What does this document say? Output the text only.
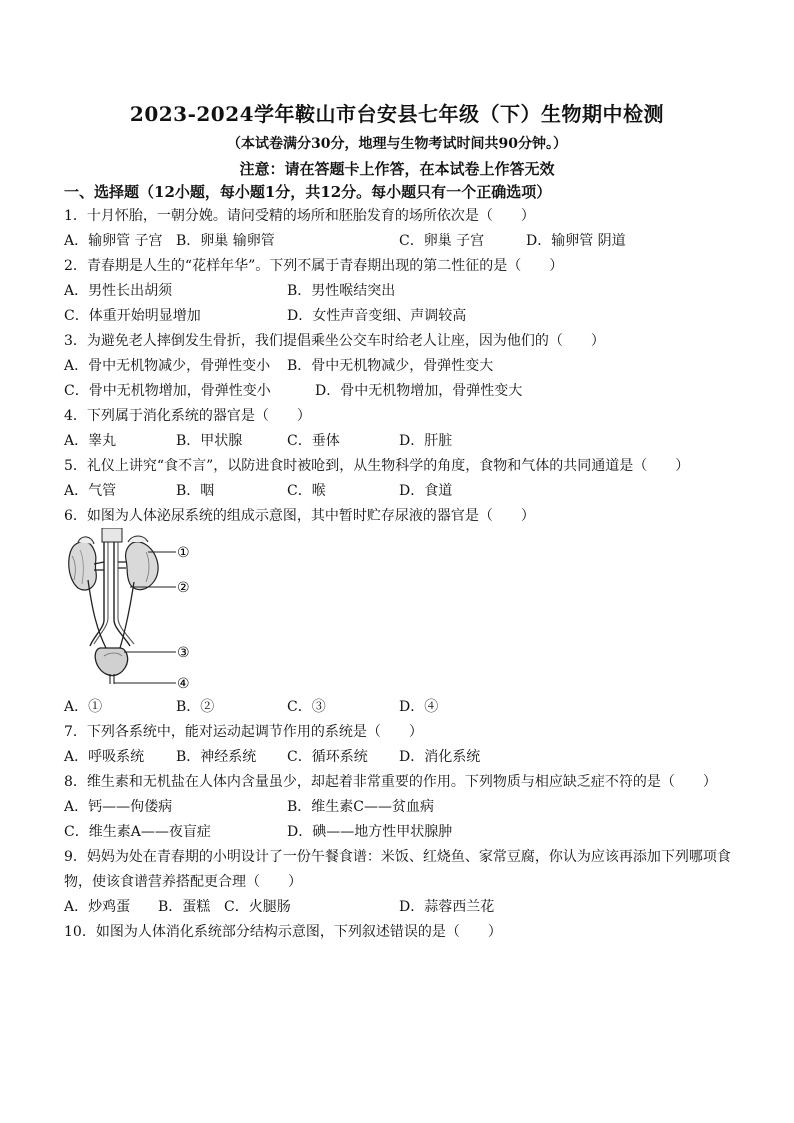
2023-2024学年鞍山市台安县七年级（下）生物期中检测
（本试卷满分30分，地理与生物考试时间共90分钟。）
注意：请在答题卡上作答，在本试卷上作答无效
一、选择题（12小题，每小题1分，共12分。每小题只有一个正确选项）
1．十月怀胎，一朝分娩。请问受精的场所和胚胎发育的场所依次是（　　）
A．输卵管 子宫 B．卵巢 输卵管	C．卵巢 子宫	D．输卵管 阴道
2．青春期是人生的“花样年华”。下列不属于青春期出现的第二性征的是（　　）
A．男性长出胡须	B．男性喉结突出
C．体重开始明显增加	D．女性声音变细、声调较高
3．为避免老人摔倒发生骨折，我们提倡乘坐公交车时给老人让座，因为他们的（　　）
A．骨中无机物减少，骨弹性变小 B．骨中无机物减少，骨弹性变大
C．骨中无机物增加，骨弹性变小	D．骨中无机物增加，骨弹性变大
4．下列属于消化系统的器官是（　　）
A．睾丸	B．甲状腺	C．垂体	D．肝脏
5．礼仪上讲究“食不言”，以防进食时被呛到，从生物科学的角度，食物和气体的共同通道是（　　）
A．气管	B．咽	C．喉	D．食道
6．如图为人体泌尿系统的组成示意图，其中暂时贮存尿液的器官是（　　）
①
②
③
④
A．①	B．②	C．③	D．④
7．下列各系统中，能对运动起调节作用的系统是（　　）
A．呼吸系统 B．神经系统 C．循环系统 D．消化系统
8．维生素和无机盐在人体内含量虽少，却起着非常重要的作用。下列物质与相应缺乏症不符的是（　　）
A．钙——佝偻病	B．维生素C——贫血病
C．维生素A——夜盲症	D．碘——地方性甲状腺肿
9．妈妈为处在青春期的小明设计了一份午餐食谱：米饭、红烧鱼、家常豆腐，你认为应该再添加下列哪项食
物，使该食谱营养搭配更合理（　　）
A．炒鸡蛋 B．蛋糕 C．火腿肠	D．蒜蓉西兰花
10．如图为人体消化系统部分结构示意图，下列叙述错误的是（　　）
